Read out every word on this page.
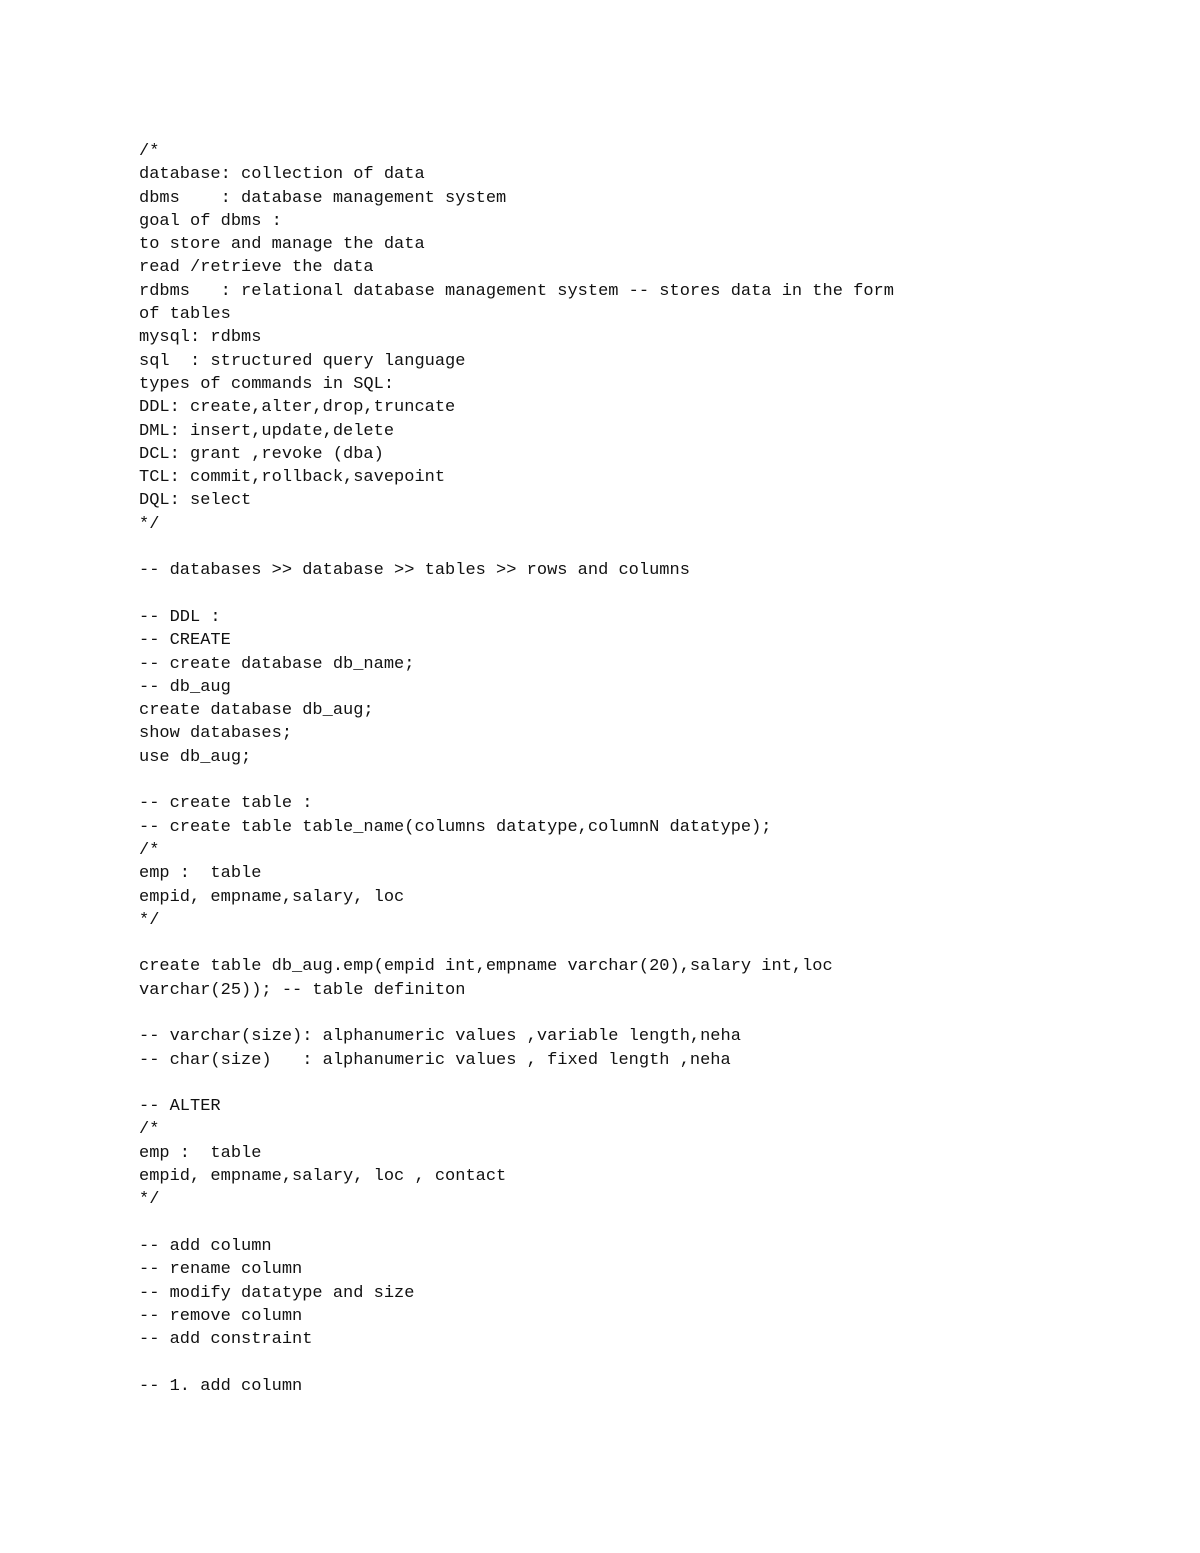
/*
database: collection of data
dbms    : database management system
goal of dbms :
to store and manage the data
read /retrieve the data
rdbms   : relational database management system -- stores data in the form
of tables
mysql: rdbms
sql  : structured query language
types of commands in SQL:
DDL: create,alter,drop,truncate
DML: insert,update,delete
DCL: grant ,revoke (dba)
TCL: commit,rollback,savepoint
DQL: select
*/
-- databases >> database >> tables >> rows and columns
-- DDL :
-- CREATE
-- create database db_name;
-- db_aug
create database db_aug;
show databases;
use db_aug;
-- create table :
-- create table table_name(columns datatype,columnN datatype);
/*
emp :  table
empid, empname,salary, loc
*/
create table db_aug.emp(empid int,empname varchar(20),salary int,loc
varchar(25)); -- table definiton
-- varchar(size): alphanumeric values ,variable length,neha
-- char(size)   : alphanumeric values , fixed length ,neha
-- ALTER
/*
emp :  table
empid, empname,salary, loc , contact
*/
-- add column
-- rename column
-- modify datatype and size
-- remove column
-- add constraint
-- 1. add column
